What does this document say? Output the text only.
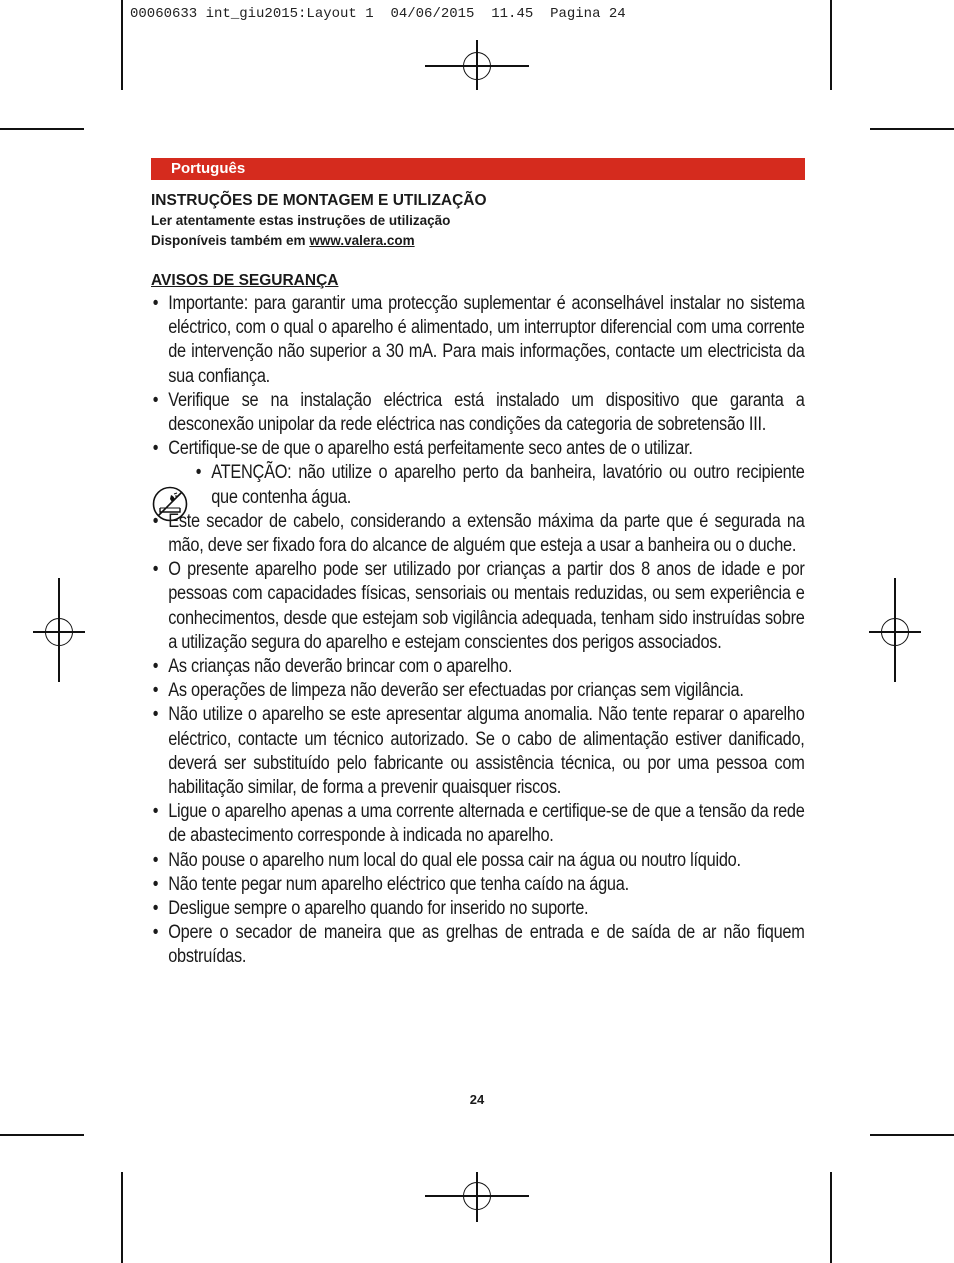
00060633 int_giu2015:Layout 1  04/06/2015  11.45  Pagina 24
Português
INSTRUÇÕES DE MONTAGEM E UTILIZAÇÃO
Ler atentamente estas instruções de utilização
Disponíveis também em www.valera.com
AVISOS DE SEGURANÇA
• Importante: para garantir uma protecção suplementar é aconselhável instalar no sistema eléctrico, com o qual o aparelho é alimentado, um interruptor diferencial com uma corrente de intervenção não superior a 30 mA. Para mais informações, contacte um electricista da sua confiança.
• Verifique se na instalação eléctrica está instalado um dispositivo que garanta a desconexão unipolar da rede eléctrica nas condições da categoria de sobretensão III.
• Certifique-se de que o aparelho está perfeitamente seco antes de o utilizar.
• ATENÇÃO: não utilize o aparelho perto da banheira, lavatório ou outro recipiente que contenha água.
• Este secador de cabelo, considerando a extensão máxima da parte que é segurada na mão, deve ser fixado fora do alcance de alguém que esteja a usar a banheira ou o duche.
• O presente aparelho pode ser utilizado por crianças a partir dos 8 anos de idade e por pessoas com capacidades físicas, sensoriais ou mentais reduzidas, ou sem experiência e conhecimentos, desde que estejam sob vigilância adequada, tenham sido instruídas sobre a utilização segura do aparelho e estejam conscientes dos perigos associados.
• As crianças não deverão brincar com o aparelho.
• As operações de limpeza não deverão ser efectuadas por crianças sem vigilância.
• Não utilize o aparelho se este apresentar alguma anomalia. Não tente reparar o aparelho eléctrico, contacte um técnico autorizado. Se o cabo de alimentação estiver danificado, deverá ser substituído pelo fabricante ou assistência técnica, ou por uma pessoa com habilitação similar, de forma a prevenir quaisquer riscos.
• Ligue o aparelho apenas a uma corrente alternada e certifique-se de que a tensão da rede de abastecimento corresponde à indicada no aparelho.
• Não pouse o aparelho num local do qual ele possa cair na água ou noutro líquido.
• Não tente pegar num aparelho eléctrico que tenha caído na água.
• Desligue sempre o aparelho quando for inserido no suporte.
• Opere o secador de maneira que as grelhas de entrada e de saída de ar não fiquem obstruídas.
24
